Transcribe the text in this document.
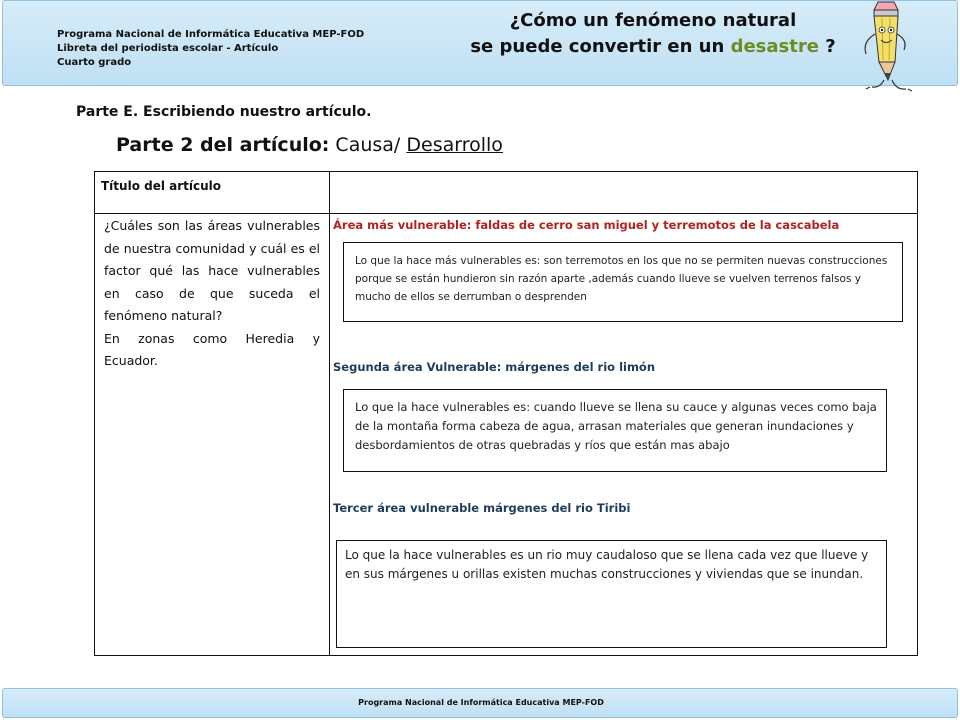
Programa Nacional de Informática Educativa MEP-FOD
Libreta del periodista escolar - Artículo
Cuarto grado
¿Cómo un fenómeno natural
se puede convertir en un desastre ?
Parte E. Escribiendo nuestro artículo.
Parte 2 del artículo: Causa/ Desarrollo
Título del artículo

¿Cuáles son las áreas vulnerables de nuestra comunidad y cuál es el factor qué las hace vulnerables en caso de que suceda el fenómeno natural?

En zonas como Heredia y Ecuador.

Área más vulnerable: faldas de cerro san miguel y terremotos de la cascabela
Lo que la hace más vulnerables es: son terremotos en los que no se permiten nuevas construcciones porque se están hundieron sin razón aparte ,además cuando llueve se vuelven terrenos falsos y mucho de ellos se derrumban o desprenden
Segunda área Vulnerable: márgenes del rio limón
Lo que la hace vulnerables es: cuando llueve se llena su cauce y algunas veces como baja de la montaña forma cabeza de agua, arrasan materiales que generan inundaciones y desbordamientos de otras quebradas y ríos que están mas abajo
Tercer área vulnerable márgenes del rio Tiribi
Lo que la hace vulnerables es un rio muy caudaloso que se llena cada vez que llueve y en sus márgenes u orillas existen muchas construcciones y viviendas que se inundan.
Programa Nacional de Informática Educativa MEP-FOD
